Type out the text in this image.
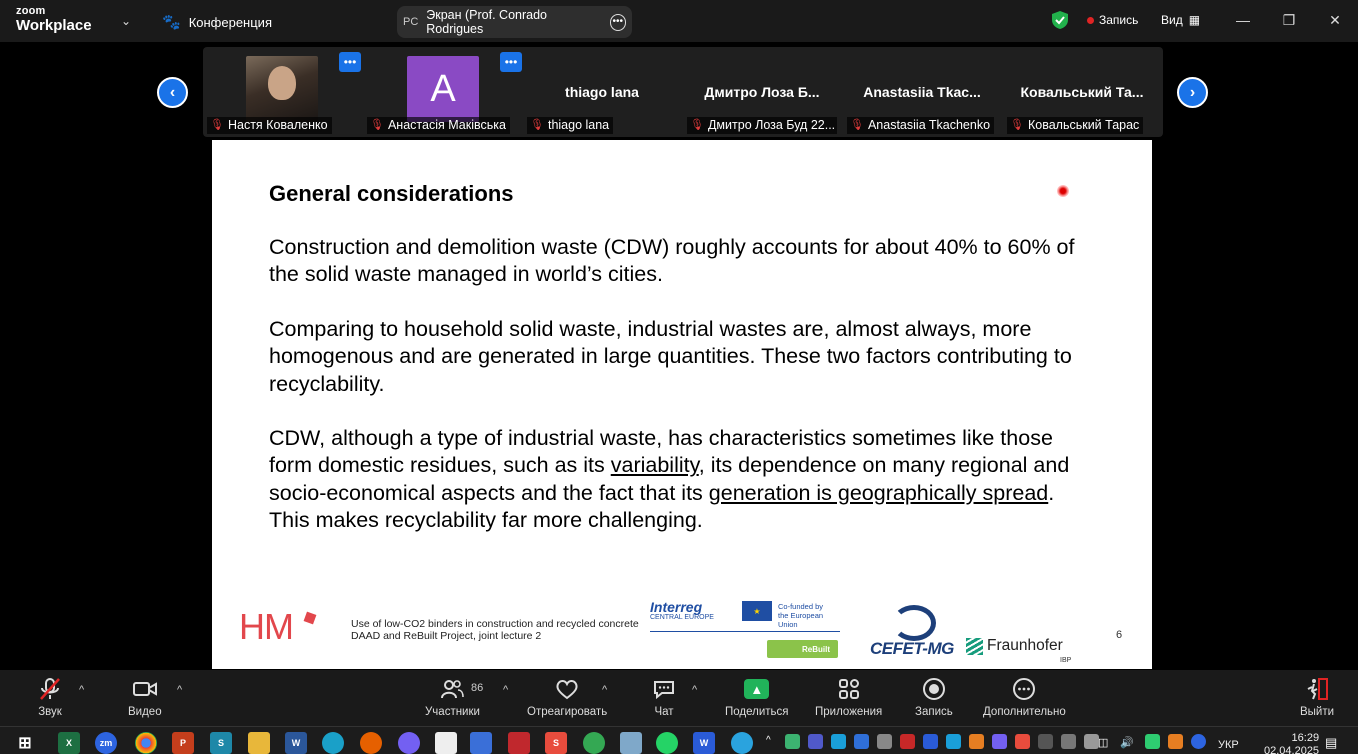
zoom
Workplace ⌄ 🐾 Конференция	PC Экран (Prof. Conrado Rodrigues
•••	Запись Вид ▦	—	❐	✕
‹
🎙 Настя Коваленко
•••
A
🎙 Анастасія Маківська
•••
thiago lana
🎙 thiago lana
Дмитро Лоза Б...
🎙 Дмитро Лоза Буд 22...
Anastasiia Tkac...
🎙 Anastasiia Tkachenko
Ковальський Та...
🎙 Ковальський Тарас
›
General considerations

Construction and demolition waste (CDW) roughly accounts for about 40% to 60% of the solid waste managed in world’s cities.

Comparing to household solid waste, industrial wastes are, almost always, more homogenous and are generated in large quantities. These two factors contributing to recyclability.

CDW, although a type of industrial waste, has characteristics sometimes like those form domestic residues, such as its variability, its dependence on many regional and socio-economical aspects and the fact that its generation is geographically spread. This makes recyclability far more challenging.

HM	Use of low-CO2 binders in construction and recycled concrete
DAAD and ReBuilt Project, joint lecture 2
Interreg
CENTRAL EUROPE
★	Co-funded by
the European Union
ReBuilt	CEFET-MG Fraunhofer
IBP
6
Звук
^
Видео
^
Участники
86 ^
Отреагировать
^
Чат
^	▲
Поделиться Приложения	Запись	Дополнительно	Выйти
⊞	X	zm	P	S	W	S	W	^	◫ 🔊	УКР
16:29
02.04.2025
▤
